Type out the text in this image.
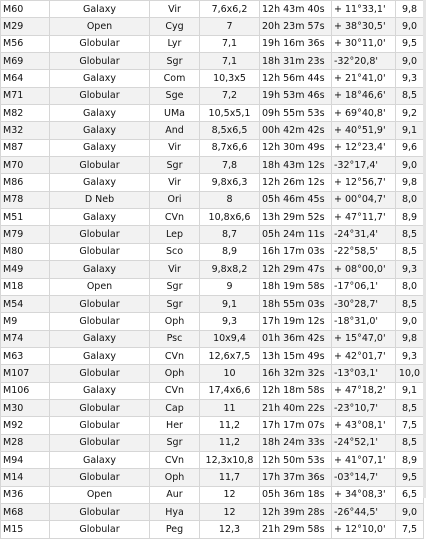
M60	Galaxy	Vir	7,6x6,2	12h 43m 40s	+ 11°33,1'	9,8
M29	Open	Cyg	7	20h 23m 57s	+ 38°30,5'	9,0
M56	Globular	Lyr	7,1	19h 16m 36s	+ 30°11,0'	9,5
M69	Globular	Sgr	7,1	18h 31m 23s	-32°20,8'	9,0
M64	Galaxy	Com	10,3x5	12h 56m 44s	+ 21°41,0'	9,3
M71	Globular	Sge	7,2	19h 53m 46s	+ 18°46,6'	8,5
M82	Galaxy	UMa	10,5x5,1	09h 55m 53s	+ 69°40,8'	9,2
M32	Galaxy	And	8,5x6,5	00h 42m 42s	+ 40°51,9'	9,1
M87	Galaxy	Vir	8,7x6,6	12h 30m 49s	+ 12°23,4'	9,6
M70	Globular	Sgr	7,8	18h 43m 12s	-32°17,4'	9,0
M86	Galaxy	Vir	9,8x6,3	12h 26m 12s	+ 12°56,7'	9,8
M78	D Neb	Ori	8	05h 46m 45s	+ 00°04,7'	8,0
M51	Galaxy	CVn	10,8x6,6	13h 29m 52s	+ 47°11,7'	8,9
M79	Globular	Lep	8,7	05h 24m 11s	-24°31,4'	8,5
M80	Globular	Sco	8,9	16h 17m 03s	-22°58,5'	8,5
M49	Galaxy	Vir	9,8x8,2	12h 29m 47s	+ 08°00,0'	9,3
M18	Open	Sgr	9	18h 19m 58s	-17°06,1'	8,0
M54	Globular	Sgr	9,1	18h 55m 03s	-30°28,7'	8,5
M9	Globular	Oph	9,3	17h 19m 12s	-18°31,0'	9,0
M74	Galaxy	Psc	10x9,4	01h 36m 42s	+ 15°47,0'	9,8
M63	Galaxy	CVn	12,6x7,5	13h 15m 49s	+ 42°01,7'	9,3
M107	Globular	Oph	10	16h 32m 32s	-13°03,1'	10,0
M106	Galaxy	CVn	17,4x6,6	12h 18m 58s	+ 47°18,2'	9,1
M30	Globular	Cap	11	21h 40m 22s	-23°10,7'	8,5
M92	Globular	Her	11,2	17h 17m 07s	+ 43°08,1'	7,5
M28	Globular	Sgr	11,2	18h 24m 33s	-24°52,1'	8,5
M94	Galaxy	CVn	12,3x10,8	12h 50m 53s	+ 41°07,1'	8,9
M14	Globular	Oph	11,7	17h 37m 36s	-03°14,7'	9,5
M36	Open	Aur	12	05h 36m 18s	+ 34°08,3'	6,5
M68	Globular	Hya	12	12h 39m 28s	-26°44,5'	9,0
M15	Globular	Peg	12,3	21h 29m 58s	+ 12°10,0'	7,5
